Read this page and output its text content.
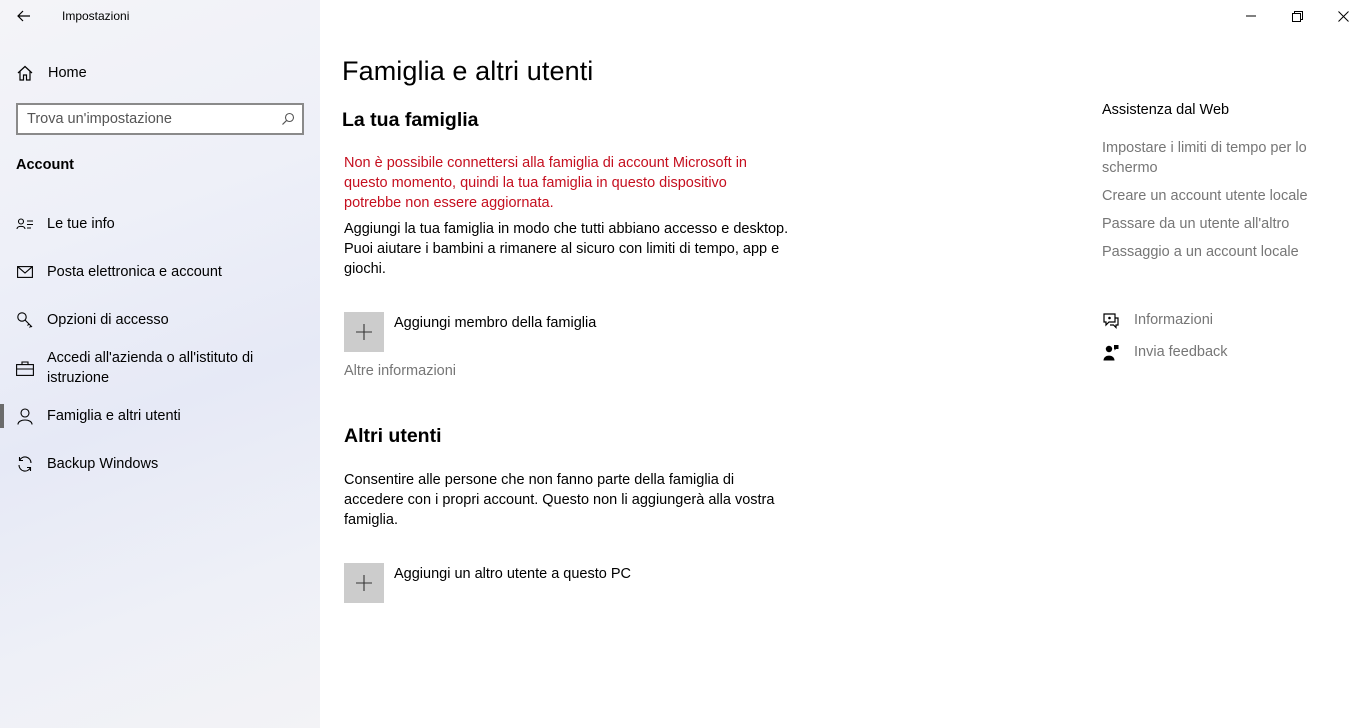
Impostazioni
Home
Trova un'impostazione
Account
Le tue info
Posta elettronica e account
Opzioni di accesso
Accedi all'azienda o all'istituto di istruzione
Famiglia e altri utenti
Backup Windows
Famiglia e altri utenti
La tua famiglia
Non è possibile connettersi alla famiglia di account Microsoft in questo momento, quindi la tua famiglia in questo dispositivo potrebbe non essere aggiornata.
Aggiungi la tua famiglia in modo che tutti abbiano accesso e desktop. Puoi aiutare i bambini a rimanere al sicuro con limiti di tempo, app e giochi.
Aggiungi membro della famiglia
Altre informazioni
Altri utenti
Consentire alle persone che non fanno parte della famiglia di accedere con i propri account. Questo non li aggiungerà alla vostra famiglia.
Aggiungi un altro utente a questo PC
Assistenza dal Web
Impostare i limiti di tempo per lo schermo
Creare un account utente locale
Passare da un utente all'altro
Passaggio a un account locale
Informazioni
Invia feedback
